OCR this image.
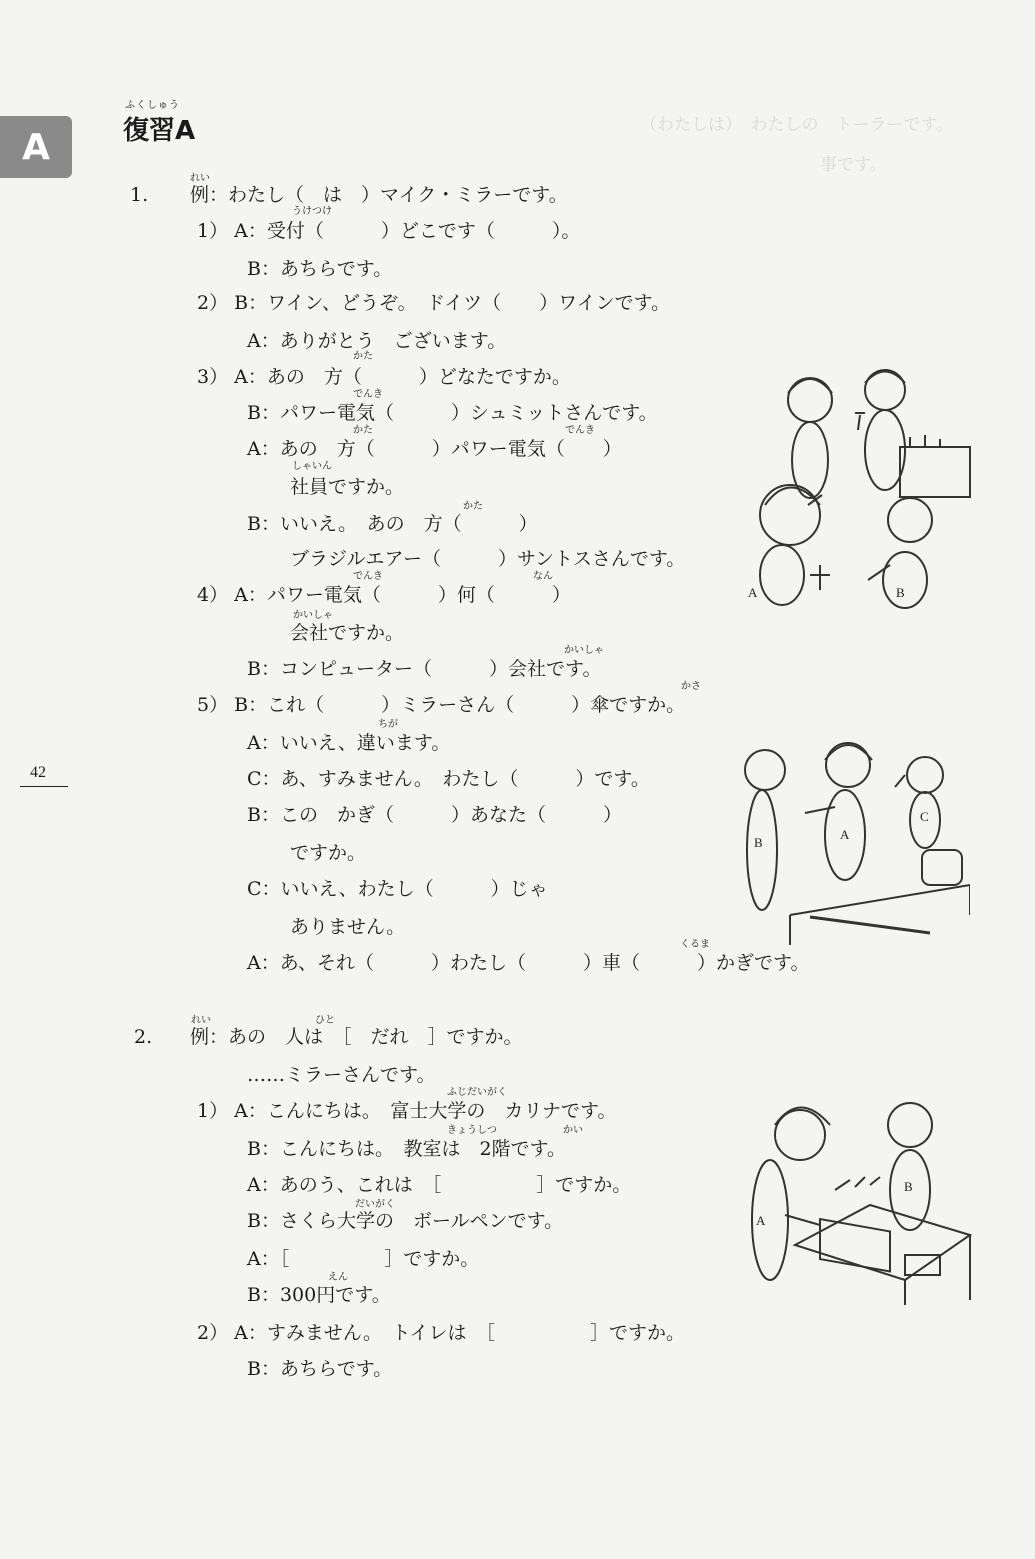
（わたしは）　わたしの　トーラーです。
事です。
A
ふくしゅう
復習A
42
れい
うけつけ
かた
でんき
かた	でんき
しゃいん
かた
でんき	なん
かいしゃ
かいしゃ
かさ
ちが
くるま
1. 例：わたし（　は　）マイク・ミラーです。
1） A：受付（　　　）どこです（　　　）。
B：あちらです。
2） B：ワイン、どうぞ。　ドイツ（　　）ワインです。
A：ありがとう　ございます。
3） A：あの　方（　　　）どなたですか。
B：パワー電気（　　　）シュミットさんです。
A：あの　方（　　　）パワー電気（　　）
社員ですか。
B：いいえ。　あの　方（　　　）
ブラジルエアー（　　　）サントスさんです。
4） A：パワー電気（　　　）何（　　　）
会社ですか。
B：コンピューター（　　　）会社です。
5） B：これ（　　　）ミラーさん（　　　）傘ですか。
A：いいえ、違います。
C：あ、すみません。　わたし（　　　）です。
B：この　かぎ（　　　）あなた（　　　）
ですか。
C：いいえ、わたし（　　　）じゃ
ありません。
A：あ、それ（　　　）わたし（　　　）車（　　　）かぎです。
れい	ひと
ふじだいがく
きょうしつ	かい
だいがく
えん
2. 例：あの　人は　［　だれ　］ですか。
……ミラーさんです。
1） A：こんにちは。　富士大学の　カリナです。
B：こんにちは。　教室は　2階です。
A：あのう、これは　［　　　　　］ですか。
B：さくら大学の　ボールペンです。
A：［　　　　　］ですか。
B：300円です。
2） A：すみません。　トイレは　［　　　　　］ですか。
B：あちらです。
A	B
B
A
C
A
B
